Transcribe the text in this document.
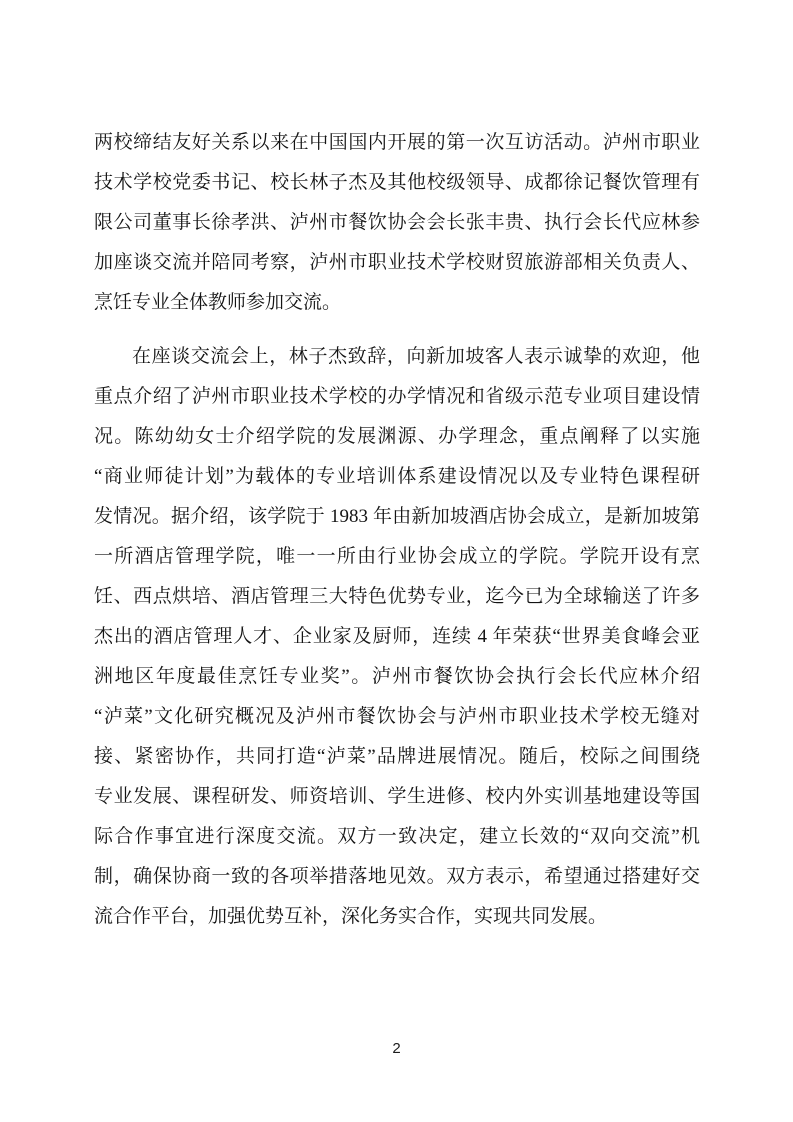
两校缔结友好关系以来在中国国内开展的第一次互访活动。泸州市职业
技术学校党委书记、校长林子杰及其他校级领导、成都徐记餐饮管理有
限公司董事长徐孝洪、泸州市餐饮协会会长张丰贵、执行会长代应林参
加座谈交流并陪同考察，泸州市职业技术学校财贸旅游部相关负责人、
烹饪专业全体教师参加交流。

在座谈交流会上，林子杰致辞，向新加坡客人表示诚挚的欢迎，他
重点介绍了泸州市职业技术学校的办学情况和省级示范专业项目建设情
况。陈幼幼女士介绍学院的发展渊源、办学理念，重点阐释了以实施
“商业师徒计划”为载体的专业培训体系建设情况以及专业特色课程研
发情况。据介绍，该学院于 1983 年由新加坡酒店协会成立，是新加坡第
一所酒店管理学院，唯一一所由行业协会成立的学院。学院开设有烹
饪、西点烘培、酒店管理三大特色优势专业，迄今已为全球输送了许多
杰出的酒店管理人才、企业家及厨师，连续 4 年荣获“世界美食峰会亚
洲地区年度最佳烹饪专业奖”。泸州市餐饮协会执行会长代应林介绍
“泸菜”文化研究概况及泸州市餐饮协会与泸州市职业技术学校无缝对
接、紧密协作，共同打造“泸菜”品牌进展情况。随后，校际之间围绕
专业发展、课程研发、师资培训、学生进修、校内外实训基地建设等国
际合作事宜进行深度交流。双方一致决定，建立长效的“双向交流”机
制，确保协商一致的各项举措落地见效。双方表示，希望通过搭建好交
流合作平台，加强优势互补，深化务实合作，实现共同发展。

2
